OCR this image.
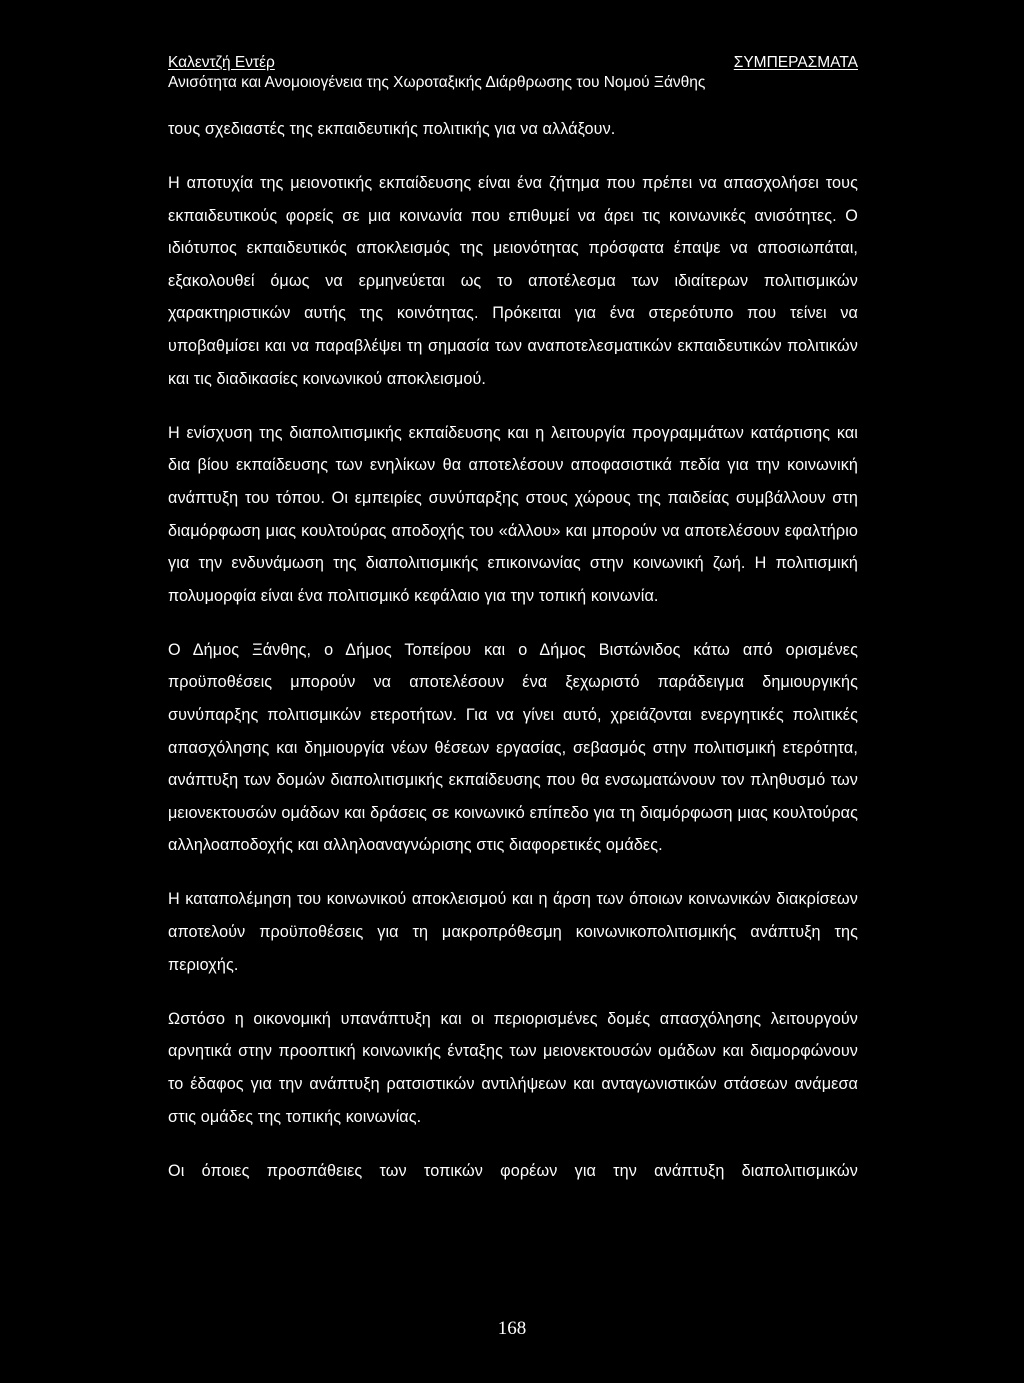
Καλεντζή Εντέρ	ΣΥΜΠΕΡΑΣΜΑΤΑ
Ανισότητα και Ανομοιογένεια της Χωροταξικής Διάρθρωσης του Νομού Ξάνθης

τους σχεδιαστές της εκπαιδευτικής πολιτικής για να αλλάξουν.

Η αποτυχία της μειονοτικής εκπαίδευσης είναι ένα ζήτημα που πρέπει να απασχολήσει τους εκπαιδευτικούς φορείς σε μια κοινωνία που επιθυμεί να άρει τις κοινωνικές ανισότητες. Ο ιδιότυπος εκπαιδευτικός αποκλεισμός της μειονότητας πρόσφατα έπαψε να αποσιωπάται, εξακολουθεί όμως να ερμηνεύεται ως το αποτέλεσμα των ιδιαίτερων πολιτισμικών χαρακτηριστικών αυτής της κοινότητας. Πρόκειται για ένα στερεότυπο που τείνει να υποβαθμίσει και να παραβλέψει τη σημασία των αναποτελεσματικών εκπαιδευτικών πολιτικών και τις διαδικασίες κοινωνικού αποκλεισμού.

Η ενίσχυση της διαπολιτισμικής εκπαίδευσης και η λειτουργία προγραμμάτων κατάρτισης και δια βίου εκπαίδευσης των ενηλίκων θα αποτελέσουν αποφασιστικά πεδία για την κοινωνική ανάπτυξη του τόπου. Οι εμπειρίες συνύπαρξης στους χώρους της παιδείας συμβάλλουν στη διαμόρφωση μιας κουλτούρας αποδοχής του «άλλου» και μπορούν να αποτελέσουν εφαλτήριο για την ενδυνάμωση της διαπολιτισμικής επικοινωνίας στην κοινωνική ζωή. Η πολιτισμική πολυμορφία είναι ένα πολιτισμικό κεφάλαιο για την τοπική κοινωνία.

Ο Δήμος Ξάνθης, ο Δήμος Τοπείρου και ο Δήμος Βιστώνιδος κάτω από ορισμένες προϋποθέσεις μπορούν να αποτελέσουν ένα ξεχωριστό παράδειγμα δημιουργικής συνύπαρξης πολιτισμικών ετεροτήτων. Για να γίνει αυτό, χρειάζονται ενεργητικές πολιτικές απασχόλησης και δημιουργία νέων θέσεων εργασίας, σεβασμός στην πολιτισμική ετερότητα, ανάπτυξη των δομών διαπολιτισμικής εκπαίδευσης που θα ενσωματώνουν τον πληθυσμό των μειονεκτουσών ομάδων και δράσεις σε κοινωνικό επίπεδο για τη διαμόρφωση μιας κουλτούρας αλληλοαποδοχής και αλληλοαναγνώρισης στις διαφορετικές ομάδες.

Η καταπολέμηση του κοινωνικού αποκλεισμού και η άρση των όποιων κοινωνικών διακρίσεων αποτελούν προϋποθέσεις για τη μακροπρόθεσμη κοινωνικοπολιτισμικής ανάπτυξη της περιοχής.

Ωστόσο η οικονομική υπανάπτυξη και οι περιορισμένες δομές απασχόλησης λειτουργούν αρνητικά στην προοπτική κοινωνικής ένταξης των μειονεκτουσών ομάδων και διαμορφώνουν το έδαφος για την ανάπτυξη ρατσιστικών αντιλήψεων και ανταγωνιστικών στάσεων ανάμεσα στις ομάδες της τοπικής κοινωνίας.

Οι όποιες προσπάθειες των τοπικών φορέων για την ανάπτυξη διαπολιτισμικών

168
